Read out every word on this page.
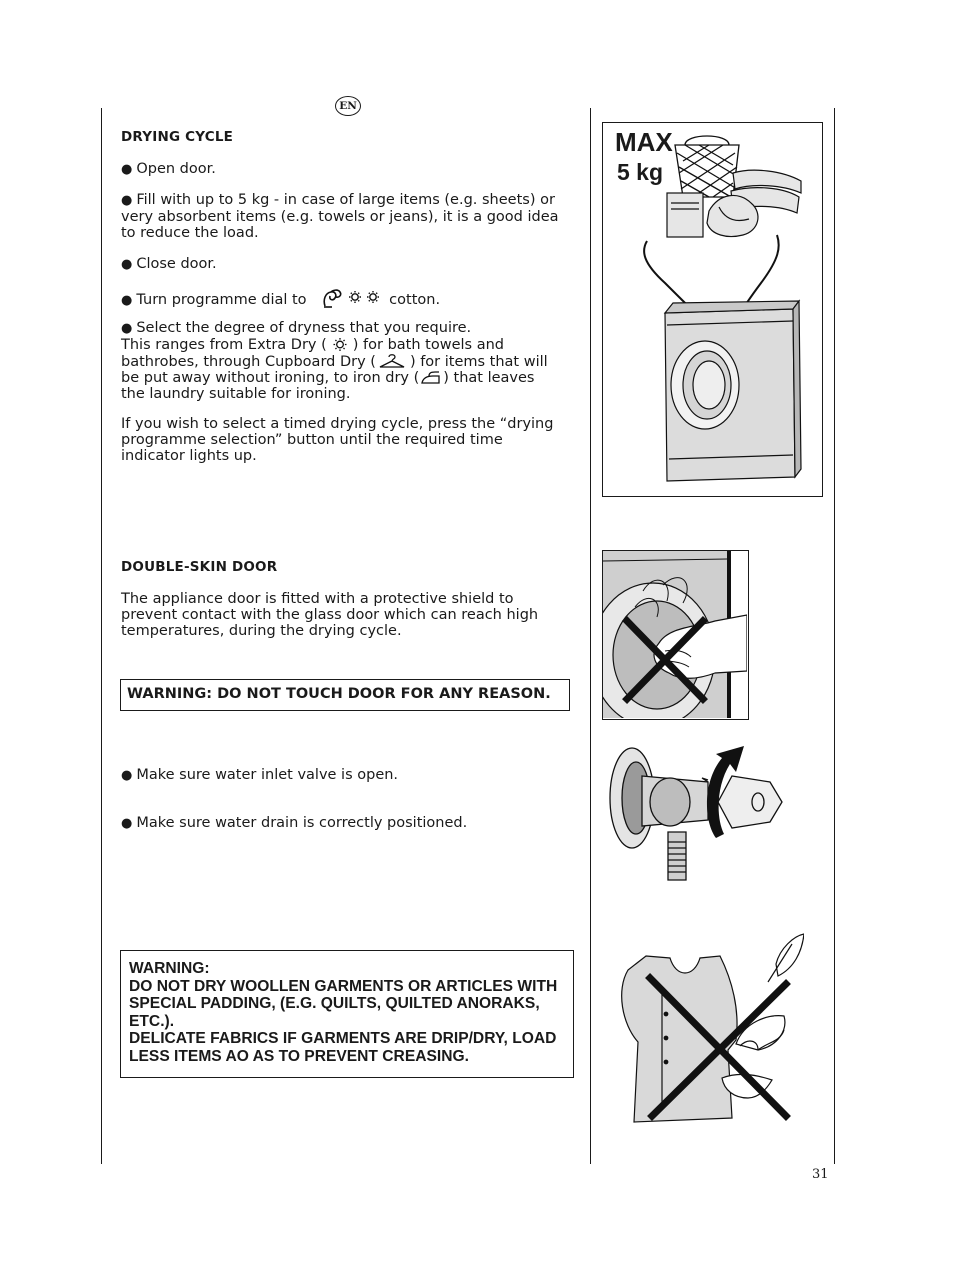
EN
DRYING CYCLE
● Open door.
● Fill with up to 5 kg - in case of large items (e.g. sheets) or
very absorbent items (e.g. towels or jeans), it is a good idea
to reduce the load.
● Close door.
● Turn programme dial to	cotton.
● Select the degree of dryness that you require.
This ranges from Extra Dry ( ) for bath towels and
bathrobes, through Cupboard Dry ( ) for items that will
be put away without ironing, to iron dry ( ) that leaves
the laundry suitable for ironing.
If you wish to select a timed drying cycle, press the “drying
programme selection” button until the required time
indicator lights up.
DOUBLE-SKIN DOOR
The appliance door is fitted with a protective shield to
prevent contact with the glass door which can reach high
temperatures, during the drying cycle.
WARNING: DO NOT TOUCH DOOR FOR ANY REASON.
● Make sure water inlet valve is open.
● Make sure water drain is correctly positioned.
WARNING:
DO NOT DRY WOOLLEN GARMENTS OR ARTICLES WITH
SPECIAL PADDING, (E.G. QUILTS, QUILTED ANORAKS,
ETC.).
DELICATE FABRICS IF GARMENTS ARE DRIP/DRY, LOAD
LESS ITEMS AO AS TO PREVENT CREASING.
MAX
5 kg
31
